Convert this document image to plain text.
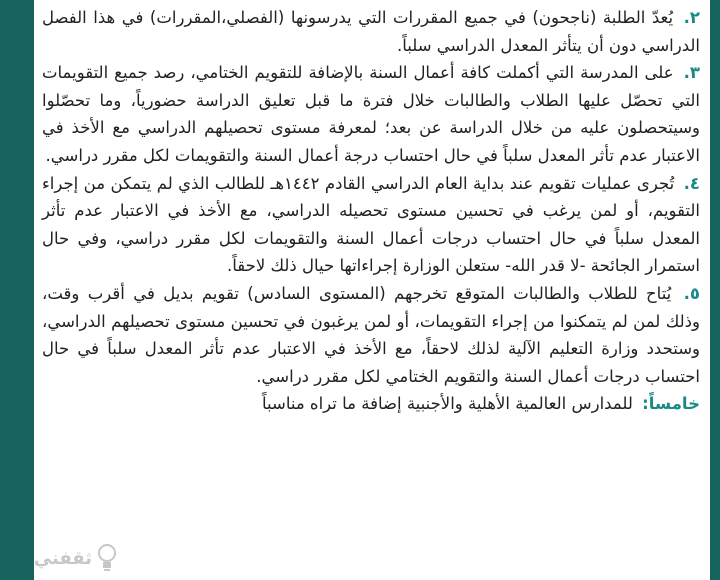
٢. يُعدّ الطلبة (ناجحون) في جميع المقررات التي يدرسونها (الفصلي،المقررات) في هذا الفصل الدراسي دون أن يتأثر المعدل الدراسي سلباً.

٣. على المدرسة التي أكملت كافة أعمال السنة بالإضافة للتقويم الختامي، رصد جميع التقويمات التي تحصّل عليها الطلاب والطالبات خلال فترة ما قبل تعليق الدراسة حضورياً، وما تحصّلوا وسيتحصلون عليه من خلال الدراسة عن بعد؛ لمعرفة مستوى تحصيلهم الدراسي مع الأخذ في الاعتبار عدم تأثر المعدل سلباً في حال احتساب درجة أعمال السنة والتقويمات لكل مقرر دراسي.

٤. تُجرى عمليات تقويم عند بداية العام الدراسي القادم ١٤٤٢هـ للطالب الذي لم يتمكن من إجراء التقويم، أو لمن يرغب في تحسين مستوى تحصيله الدراسي، مع الأخذ في الاعتبار عدم تأثر المعدل سلباً في حال احتساب درجات أعمال السنة والتقويمات لكل مقرر دراسي، وفي حال استمرار الجائحة -لا قدر الله- ستعلن الوزارة إجراءاتها حيال ذلك لاحقاً.

٥. يُتاح للطلاب والطالبات المتوقع تخرجهم (المستوى السادس) تقويم بديل في أقرب وقت، وذلك لمن لم يتمكنوا من إجراء التقويمات، أو لمن يرغبون في تحسين مستوى تحصيلهم الدراسي، وستحدد وزارة التعليم الآلية لذلك لاحقاً، مع الأخذ في الاعتبار عدم تأثر المعدل سلباً في حال احتساب درجات أعمال السنة والتقويم الختامي لكل مقرر دراسي.

خامساً: للمدارس العالمية الأهلية والأجنبية إضافة ما تراه مناسباً

ثقفني
